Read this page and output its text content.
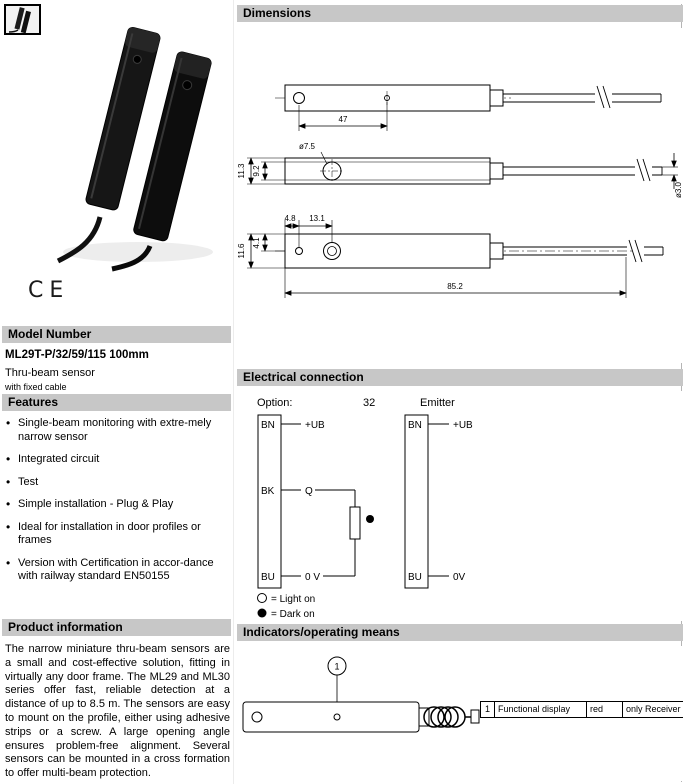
CE
Model Number
ML29T-P/32/59/115 100mm
Thru-beam sensor
with fixed cable
Features
• Single-beam monitoring with extre-mely narrow sensor
• Integrated circuit
• Test
• Simple installation - Plug & Play
• Ideal for installation in door profiles or frames
• Version with Certification in accor-dance with railway standard EN50155
Product information
The narrow miniature thru-beam sensors are a small and cost-effective solution, fitting in virtually any door frame. The ML29 and ML30 series offer fast, reliable detection at a distance of up to 8.5 m. The sensors are easy to mount on the profile, either using adhesive strips or a screw. A large opening angle ensures problem-free alignment. Several sensors can be mounted in a cross formation to offer multi-beam protection.
Dimensions
47
ø7.5
11.3 9.2
ø3.0
4.8 13.1
11.6
4.1
85.2
Electrical connection
Option:	32	Emitter
BN	+UB
BK	Q
BU	0 V
BN	+UB
BU	0V
= Light on
= Dark on
Indicators/operating means
1
1 Functional display	red	only Receiver
